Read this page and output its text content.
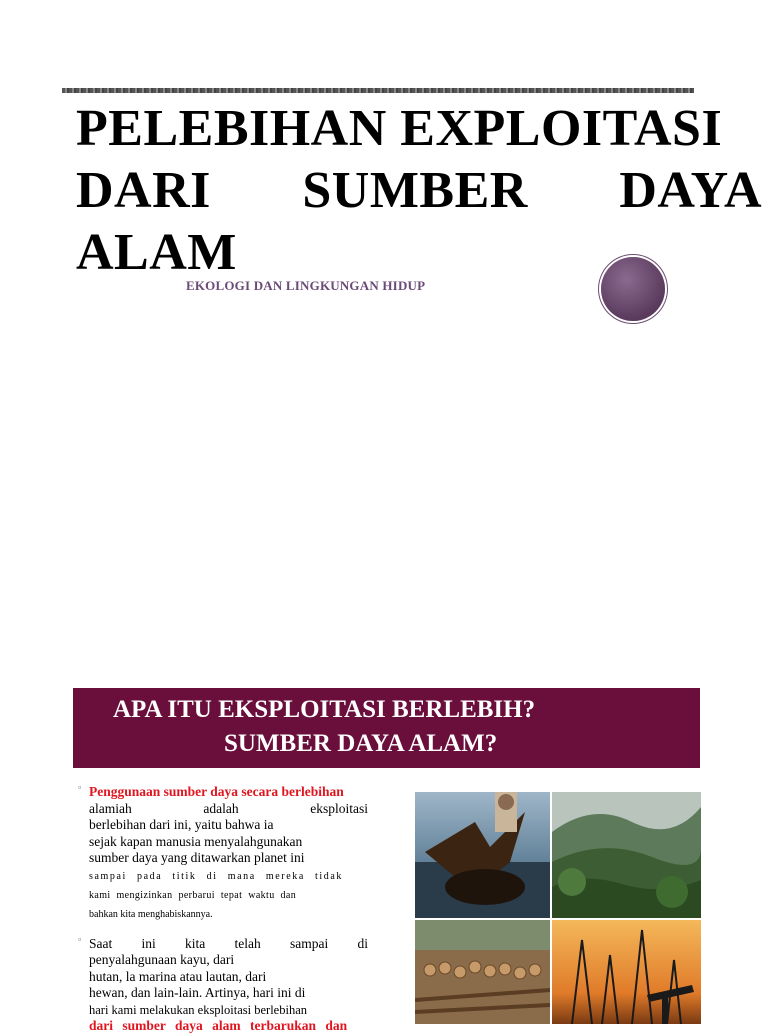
PELEBIHAN EXPLOITASI
DARI SUMBER DAYA
ALAM
EKOLOGI DAN LINGKUNGAN HIDUP
APA ITU EKSPLOITASI BERLEBIH?
SUMBER DAYA ALAM?
▫ Penggunaan sumber daya secara berlebihan
alamiah	adalah	eksploitasi
berlebihan dari ini, yaitu bahwa ia
sejak kapan manusia menyalahgunakan
sumber daya yang ditawarkan planet ini
sampai pada titik di mana mereka tidak
kami mengizinkan perbarui tepat waktu dan
bahkan kita menghabiskannya.
▫ Saat ini kita telah sampai di
penyalahgunaan kayu, dari
hutan, la marina atau lautan, dari
hewan, dan lain-lain. Artinya, hari ini di
hari kami melakukan eksploitasi berlebihan
dari sumber daya alam terbarukan dan
